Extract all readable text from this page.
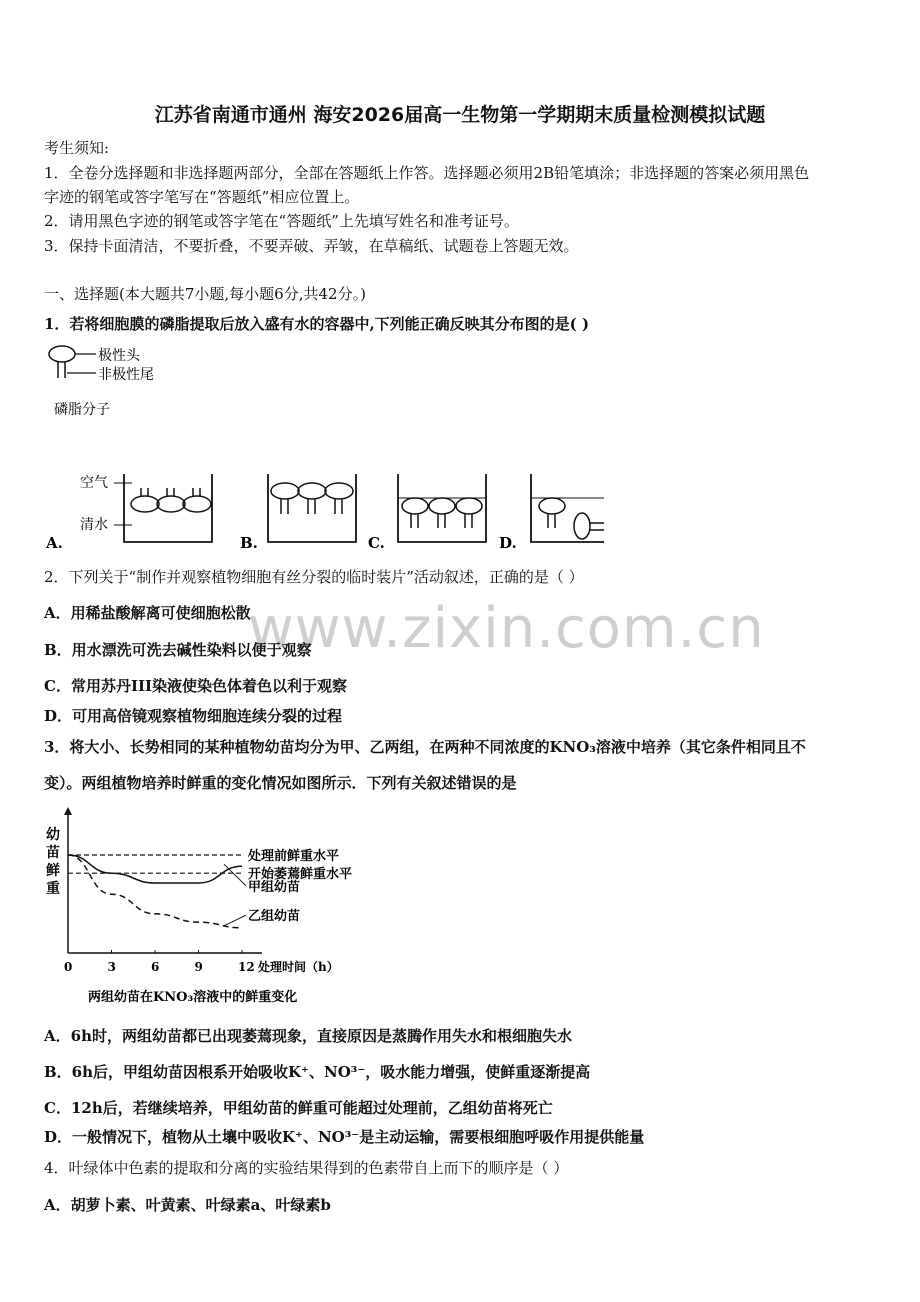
江苏省南通市通州 海安2026届高一生物第一学期期末质量检测模拟试题
考生须知:
1．全卷分选择题和非选择题两部分，全部在答题纸上作答。选择题必须用2B铅笔填涂；非选择题的答案必须用黑色
字迹的钢笔或答字笔写在“答题纸”相应位置上。
2．请用黑色字迹的钢笔或答字笔在“答题纸”上先填写姓名和准考证号。
3．保持卡面清洁，不要折叠，不要弄破、弄皱，在草稿纸、试题卷上答题无效。
一、选择题(本大题共7小题,每小题6分,共42分。)
1．若将细胞膜的磷脂提取后放入盛有水的容器中,下列能正确反映其分布图的是( )
极性头
非极性尾
磷脂分子
空气
清水
A.	B.	C.	D.
www.zixin.com.cn
2．下列关于“制作并观察植物细胞有丝分裂的临时装片”活动叙述，正确的是（ ）
A．用稀盐酸解离可使细胞松散
B．用水漂洗可洗去碱性染料以便于观察
C．常用苏丹III染液使染色体着色以利于观察
D．可用高倍镜观察植物细胞连续分裂的过程
3．将大小、长势相同的某种植物幼苗均分为甲、乙两组，在两种不同浓度的KNO₃溶液中培养（其它条件相同且不
变）。两组植物培养时鲜重的变化情况如图所示．下列有关叙述错误的是
幼
苗
鲜
重
0	3	6	9	12 处理时间（h）
处理前鲜重水平
开始萎蔫鲜重水平
甲组幼苗
乙组幼苗
两组幼苗在KNO₃溶液中的鲜重变化
A．6h时，两组幼苗都已出现萎蔫现象，直接原因是蒸腾作用失水和根细胞失水
B．6h后，甲组幼苗因根系开始吸收K⁺、NO³⁻，吸水能力增强，使鲜重逐渐提高
C．12h后，若继续培养，甲组幼苗的鲜重可能超过处理前，乙组幼苗将死亡
D．一般情况下，植物从土壤中吸收K⁺、NO³⁻是主动运输，需要根细胞呼吸作用提供能量
4．叶绿体中色素的提取和分离的实验结果得到的色素带自上而下的顺序是（ ）
A．胡萝卜素、叶黄素、叶绿素a、叶绿素b
